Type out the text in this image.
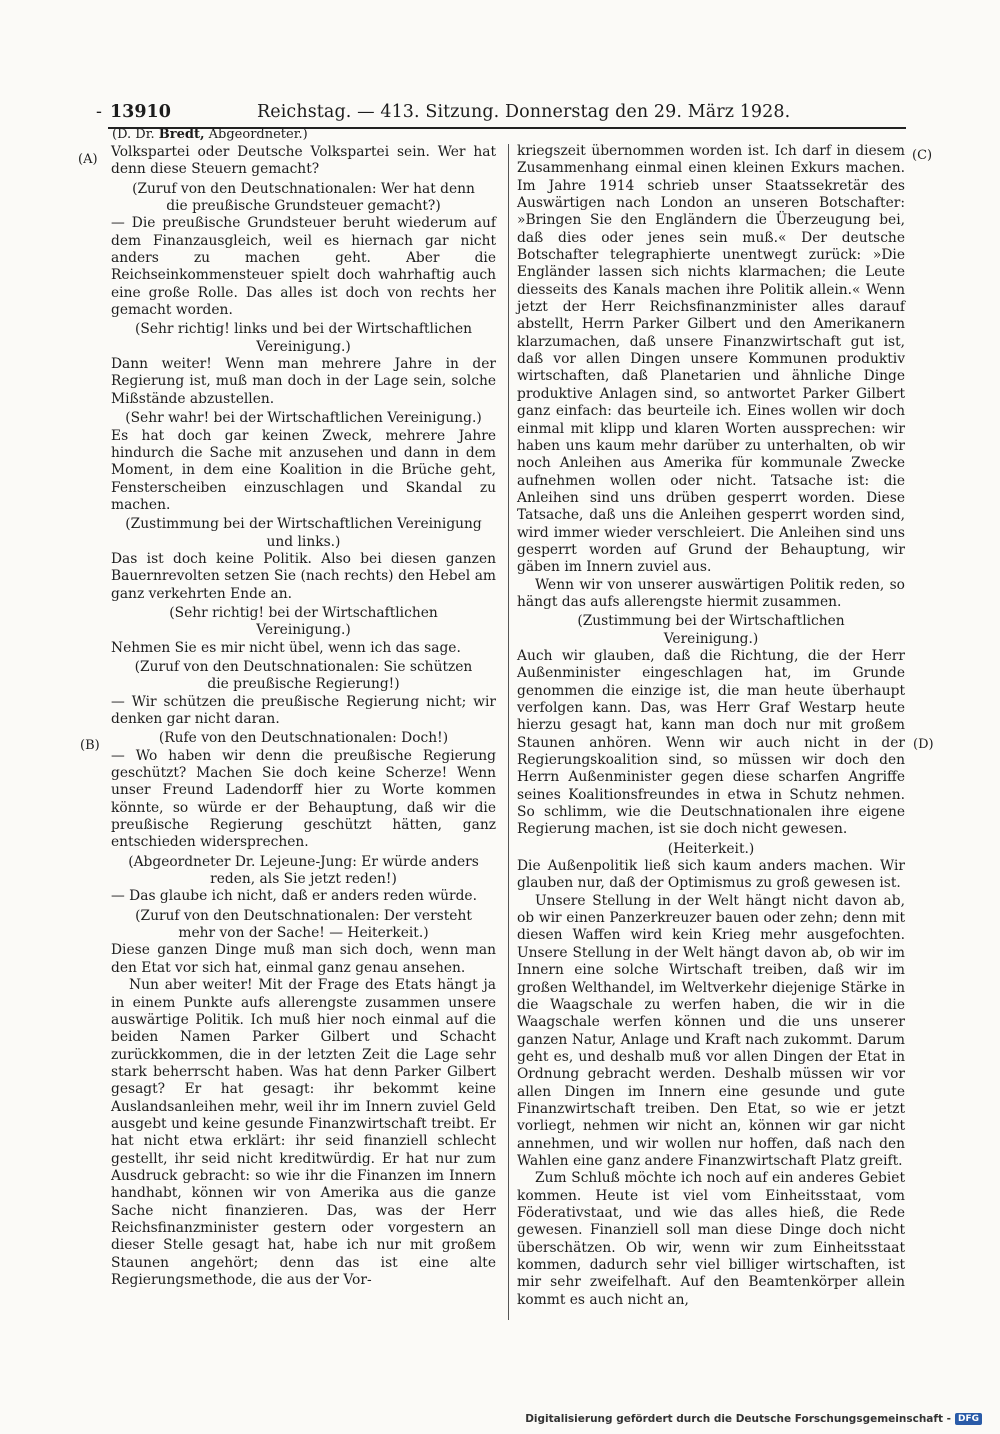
- 13910	Reichstag. — 413. Sitzung. Donnerstag den 29. März 1928.
(D. Dr. Bredt, Abgeordneter.)
(A)
(B)
(C)
(D)

Volkspartei oder Deutsche Volkspartei sein. Wer hat denn diese Steuern gemacht?

(Zuruf von den Deutschnationalen: Wer hat denn die preußische Grundsteuer gemacht?)

— Die preußische Grundsteuer beruht wiederum auf dem Finanzausgleich, weil es hiernach gar nicht anders zu machen geht. Aber die Reichseinkommensteuer spielt doch wahrhaftig auch eine große Rolle. Das alles ist doch von rechts her gemacht worden.

(Sehr richtig! links und bei der Wirtschaftlichen Vereinigung.)

Dann weiter! Wenn man mehrere Jahre in der Regierung ist, muß man doch in der Lage sein, solche Mißstände abzustellen.

(Sehr wahr! bei der Wirtschaftlichen Vereinigung.)

Es hat doch gar keinen Zweck, mehrere Jahre hindurch die Sache mit anzusehen und dann in dem Moment, in dem eine Koalition in die Brüche geht, Fensterscheiben einzuschlagen und Skandal zu machen.

(Zustimmung bei der Wirtschaftlichen Vereinigung und links.)

Das ist doch keine Politik. Also bei diesen ganzen Bauernrevolten setzen Sie (nach rechts) den Hebel am ganz verkehrten Ende an.

(Sehr richtig! bei der Wirtschaftlichen Vereinigung.)

Nehmen Sie es mir nicht übel, wenn ich das sage.

(Zuruf von den Deutschnationalen: Sie schützen die preußische Regierung!)

— Wir schützen die preußische Regierung nicht; wir denken gar nicht daran.

(Rufe von den Deutschnationalen: Doch!)

— Wo haben wir denn die preußische Regierung geschützt? Machen Sie doch keine Scherze! Wenn unser Freund Ladendorff hier zu Worte kommen könnte, so würde er der Behauptung, daß wir die preußische Regierung geschützt hätten, ganz entschieden widersprechen.

(Abgeordneter Dr. Lejeune-Jung: Er würde anders reden, als Sie jetzt reden!)

— Das glaube ich nicht, daß er anders reden würde.

(Zuruf von den Deutschnationalen: Der versteht mehr von der Sache! — Heiterkeit.)

Diese ganzen Dinge muß man sich doch, wenn man den Etat vor sich hat, einmal ganz genau ansehen.

Nun aber weiter! Mit der Frage des Etats hängt ja in einem Punkte aufs allerengste zusammen unsere auswärtige Politik. Ich muß hier noch einmal auf die beiden Namen Parker Gilbert und Schacht zurückkommen, die in der letzten Zeit die Lage sehr stark beherrscht haben. Was hat denn Parker Gilbert gesagt? Er hat gesagt: ihr bekommt keine Auslandsanleihen mehr, weil ihr im Innern zuviel Geld ausgebt und keine gesunde Finanzwirtschaft treibt. Er hat nicht etwa erklärt: ihr seid finanziell schlecht gestellt, ihr seid nicht kreditwürdig. Er hat nur zum Ausdruck gebracht: so wie ihr die Finanzen im Innern handhabt, können wir von Amerika aus die ganze Sache nicht finanzieren. Das, was der Herr Reichsfinanzminister gestern oder vorgestern an dieser Stelle gesagt hat, habe ich nur mit großem Staunen angehört; denn das ist eine alte Regierungsmethode, die aus der Vor-

kriegszeit übernommen worden ist. Ich darf in diesem Zusammenhang einmal einen kleinen Exkurs machen. Im Jahre 1914 schrieb unser Staatssekretär des Auswärtigen nach London an unseren Botschafter: »Bringen Sie den Engländern die Überzeugung bei, daß dies oder jenes sein muß.« Der deutsche Botschafter telegraphierte unentwegt zurück: »Die Engländer lassen sich nichts klarmachen; die Leute diesseits des Kanals machen ihre Politik allein.« Wenn jetzt der Herr Reichsfinanzminister alles darauf abstellt, Herrn Parker Gilbert und den Amerikanern klarzumachen, daß unsere Finanzwirtschaft gut ist, daß vor allen Dingen unsere Kommunen produktiv wirtschaften, daß Planetarien und ähnliche Dinge produktive Anlagen sind, so antwortet Parker Gilbert ganz einfach: das beurteile ich. Eines wollen wir doch einmal mit klipp und klaren Worten aussprechen: wir haben uns kaum mehr darüber zu unterhalten, ob wir noch Anleihen aus Amerika für kommunale Zwecke aufnehmen wollen oder nicht. Tatsache ist: die Anleihen sind uns drüben gesperrt worden. Diese Tatsache, daß uns die Anleihen gesperrt worden sind, wird immer wieder verschleiert. Die Anleihen sind uns gesperrt worden auf Grund der Behauptung, wir gäben im Innern zuviel aus.

Wenn wir von unserer auswärtigen Politik reden, so hängt das aufs allerengste hiermit zusammen.

(Zustimmung bei der Wirtschaftlichen Vereinigung.)

Auch wir glauben, daß die Richtung, die der Herr Außenminister eingeschlagen hat, im Grunde genommen die einzige ist, die man heute überhaupt verfolgen kann. Das, was Herr Graf Westarp heute hierzu gesagt hat, kann man doch nur mit großem Staunen anhören. Wenn wir auch nicht in der Regierungskoalition sind, so müssen wir doch den Herrn Außenminister gegen diese scharfen Angriffe seines Koalitionsfreundes in etwa in Schutz nehmen. So schlimm, wie die Deutschnationalen ihre eigene Regierung machen, ist sie doch nicht gewesen.

(Heiterkeit.)

Die Außenpolitik ließ sich kaum anders machen. Wir glauben nur, daß der Optimismus zu groß gewesen ist.

Unsere Stellung in der Welt hängt nicht davon ab, ob wir einen Panzerkreuzer bauen oder zehn; denn mit diesen Waffen wird kein Krieg mehr ausgefochten. Unsere Stellung in der Welt hängt davon ab, ob wir im Innern eine solche Wirtschaft treiben, daß wir im großen Welthandel, im Weltverkehr diejenige Stärke in die Waagschale zu werfen haben, die wir in die Waagschale werfen können und die uns unserer ganzen Natur, Anlage und Kraft nach zukommt. Darum geht es, und deshalb muß vor allen Dingen der Etat in Ordnung gebracht werden. Deshalb müssen wir vor allen Dingen im Innern eine gesunde und gute Finanzwirtschaft treiben. Den Etat, so wie er jetzt vorliegt, nehmen wir nicht an, können wir gar nicht annehmen, und wir wollen nur hoffen, daß nach den Wahlen eine ganz andere Finanzwirtschaft Platz greift.

Zum Schluß möchte ich noch auf ein anderes Gebiet kommen. Heute ist viel vom Einheitsstaat, vom Föderativstaat, und wie das alles hieß, die Rede gewesen. Finanziell soll man diese Dinge doch nicht überschätzen. Ob wir, wenn wir zum Einheitsstaat kommen, dadurch sehr viel billiger wirtschaften, ist mir sehr zweifelhaft. Auf den Beamtenkörper allein kommt es auch nicht an,

Digitalisierung gefördert durch die Deutsche Forschungsgemeinschaft - DFG
